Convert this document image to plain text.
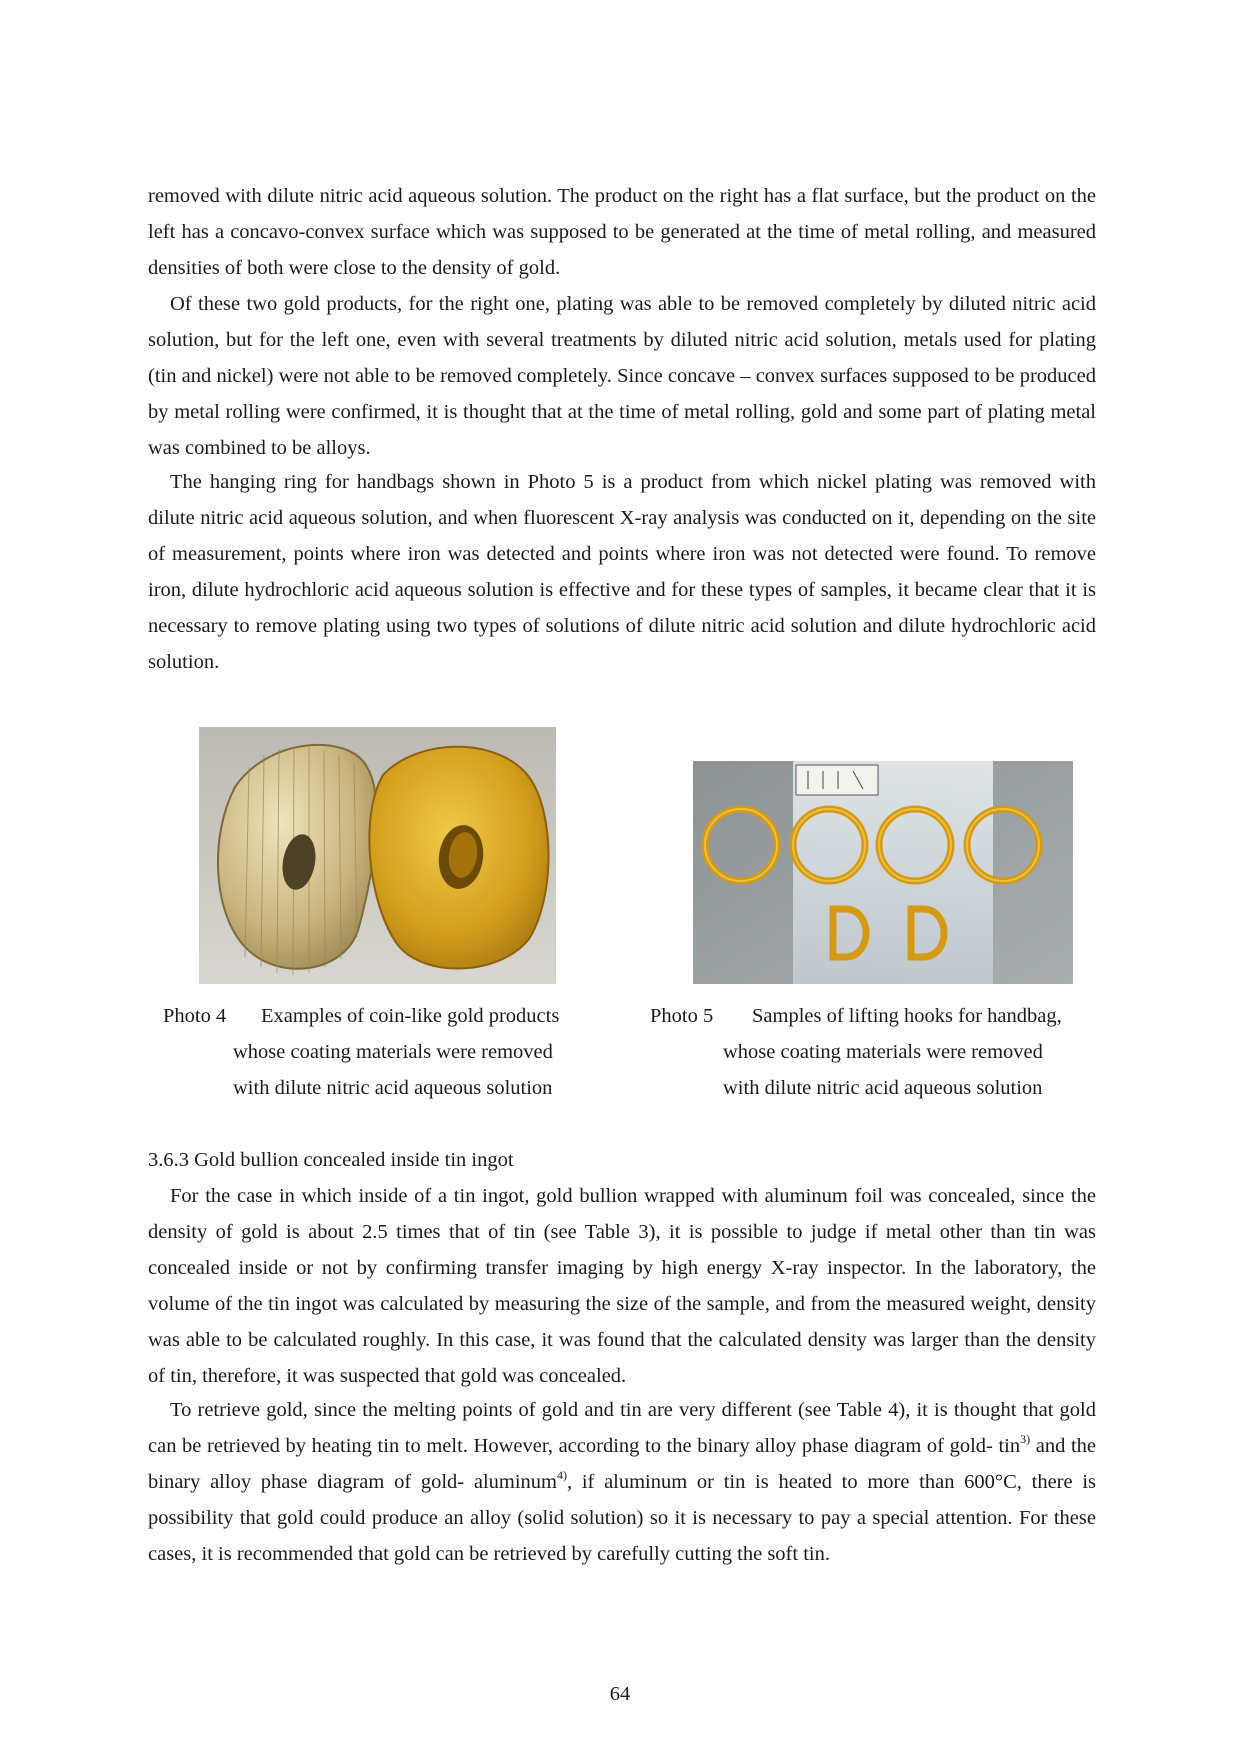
removed with dilute nitric acid aqueous solution. The product on the right has a flat surface, but the product on the left has a concavo-convex surface which was supposed to be generated at the time of metal rolling, and measured densities of both were close to the density of gold.

Of these two gold products, for the right one, plating was able to be removed completely by diluted nitric acid solution, but for the left one, even with several treatments by diluted nitric acid solution, metals used for plating (tin and nickel) were not able to be removed completely. Since concave – convex surfaces supposed to be produced by metal rolling were confirmed, it is thought that at the time of metal rolling, gold and some part of plating metal was combined to be alloys.

The hanging ring for handbags shown in Photo 5 is a product from which nickel plating was removed with dilute nitric acid aqueous solution, and when fluorescent X-ray analysis was conducted on it, depending on the site of measurement, points where iron was detected and points where iron was not detected were found. To remove iron, dilute hydrochloric acid aqueous solution is effective and for these types of samples, it became clear that it is necessary to remove plating using two types of solutions of dilute nitric acid solution and dilute hydrochloric acid solution.

Photo 4 Examples of coin-like gold products
whose coating materials were removed
with dilute nitric acid aqueous solution
Photo 5 Samples of lifting hooks for handbag,
whose coating materials were removed
with dilute nitric acid aqueous solution
3.6.3 Gold bullion concealed inside tin ingot

For the case in which inside of a tin ingot, gold bullion wrapped with aluminum foil was concealed, since the density of gold is about 2.5 times that of tin (see Table 3), it is possible to judge if metal other than tin was concealed inside or not by confirming transfer imaging by high energy X-ray inspector. In the laboratory, the volume of the tin ingot was calculated by measuring the size of the sample, and from the measured weight, density was able to be calculated roughly. In this case, it was found that the calculated density was larger than the density of tin, therefore, it was suspected that gold was concealed.

To retrieve gold, since the melting points of gold and tin are very different (see Table 4), it is thought that gold can be retrieved by heating tin to melt. However, according to the binary alloy phase diagram of gold- tin$^{3)}$ and the binary alloy phase diagram of gold- aluminum$^{4)}$, if aluminum or tin is heated to more than 600°C, there is possibility that gold could produce an alloy (solid solution) so it is necessary to pay a special attention. For these cases, it is recommended that gold can be retrieved by carefully cutting the soft tin.

64
